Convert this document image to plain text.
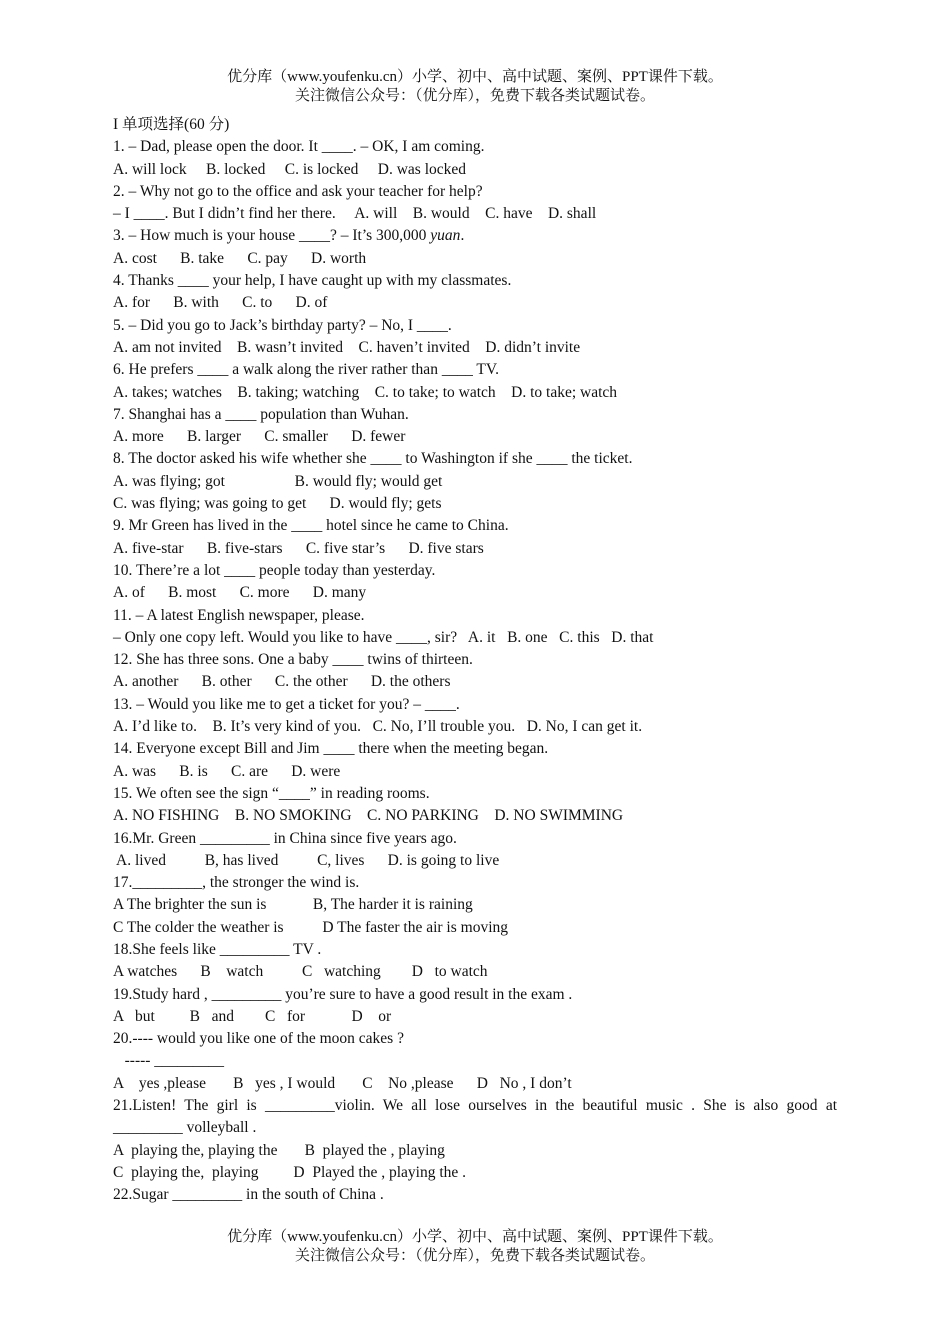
优分库（www.youfenku.cn）小学、初中、高中试题、案例、PPT课件下载。
关注微信公众号：（优分库），免费下载各类试题试卷。
I 单项选择(60 分)
1. – Dad, please open the door. It ____. – OK, I am coming.
A. will lock     B. locked     C. is locked     D. was locked
2. – Why not go to the office and ask your teacher for help?
– I ____. But I didn’t find her there.     A. will    B. would    C. have    D. shall
3. – How much is your house ____? – It’s 300,000 yuan.
A. cost      B. take      C. pay      D. worth
4. Thanks ____ your help, I have caught up with my classmates.
A. for      B. with      C. to      D. of
5. – Did you go to Jack’s birthday party? – No, I ____.
A. am not invited    B. wasn’t invited    C. haven’t invited    D. didn’t invite
6. He prefers ____ a walk along the river rather than ____ TV.
A. takes; watches    B. taking; watching    C. to take; to watch    D. to take; watch
7. Shanghai has a ____ population than Wuhan.
A. more      B. larger      C. smaller      D. fewer
8. The doctor asked his wife whether she ____ to Washington if she ____ the ticket.
A. was flying; got                  B. would fly; would get
C. was flying; was going to get      D. would fly; gets
9. Mr Green has lived in the ____ hotel since he came to China.
A. five-star      B. five-stars      C. five star’s      D. five stars
10. There’re a lot ____ people today than yesterday.
A. of      B. most      C. more      D. many
11. – A latest English newspaper, please.
– Only one copy left. Would you like to have ____, sir?   A. it   B. one   C. this   D. that
12. She has three sons. One a baby ____ twins of thirteen.
A. another      B. other      C. the other      D. the others
13. – Would you like me to get a ticket for you? – ____.
A. I’d like to.    B. It’s very kind of you.   C. No, I’ll trouble you.   D. No, I can get it.
14. Everyone except Bill and Jim ____ there when the meeting began.
A. was      B. is      C. are      D. were
15. We often see the sign “____” in reading rooms.
A. NO FISHING    B. NO SMOKING    C. NO PARKING    D. NO SWIMMING
16.Mr. Green _________ in China since five years ago.
A. lived          B, has lived          C, lives      D. is going to live
17._________, the stronger the wind is.
A The brighter the sun is            B, The harder it is raining
C The colder the weather is          D The faster the air is moving
18.She feels like _________ TV .
A watches      B    watch          C   watching        D   to watch
19.Study hard , _________ you’re sure to have a good result in the exam .
A   but         B   and        C   for            D    or
20.---- would you like one of the moon cakes ?
----- _________
A    yes ,please       B   yes , I would       C    No ,please      D   No , I don’t
21.Listen! The girl is _________violin. We all lose ourselves in the beautiful music . She is also good at
_________ volleyball .
A  playing the, playing the       B  played the , playing
C  playing the,  playing         D  Played the , playing the .
22.Sugar _________ in the south of China .
优分库（www.youfenku.cn）小学、初中、高中试题、案例、PPT课件下载。
关注微信公众号：（优分库），免费下载各类试题试卷。
